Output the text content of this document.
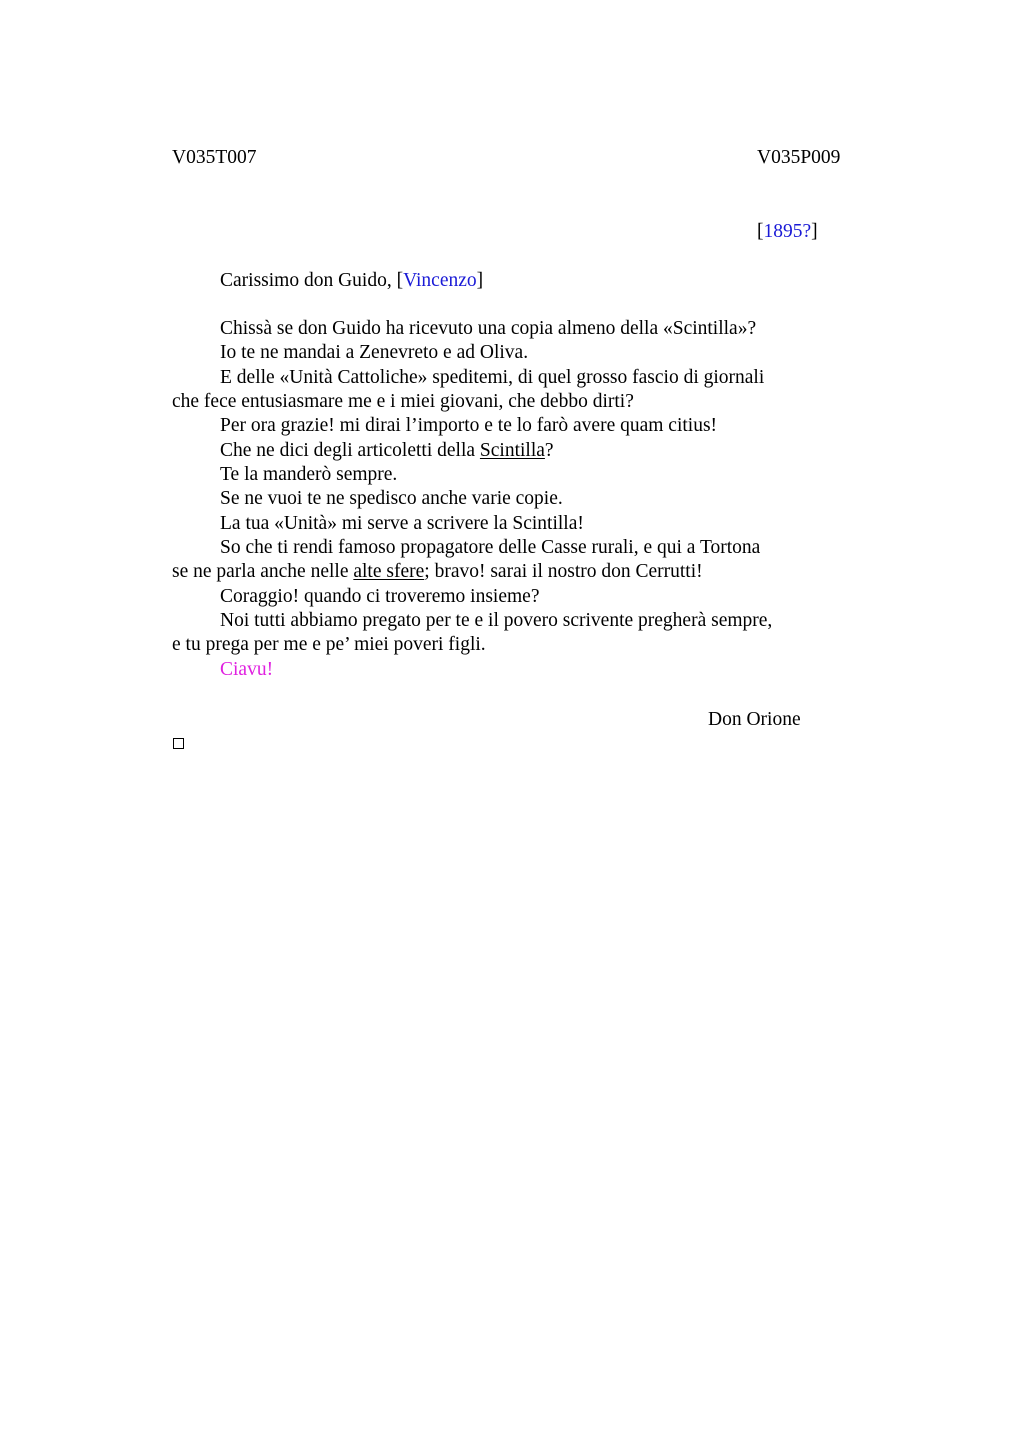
V035T007	V035P009
[1895?]
Carissimo don Guido, [Vincenzo]
Chissà se don Guido ha ricevuto una copia almeno della «Scintilla»?
Io te ne mandai a Zenevreto e ad Oliva.
E delle «Unità Cattoliche» speditemi, di quel grosso fascio di giornali
che fece entusiasmare me e i miei giovani, che debbo dirti?
Per ora grazie! mi dirai l’importo e te lo farò avere quam citius!
Che ne dici degli articoletti della Scintilla?
Te la manderò sempre.
Se ne vuoi te ne spedisco anche varie copie.
La tua «Unità» mi serve a scrivere la Scintilla!
So che ti rendi famoso propagatore delle Casse rurali, e qui a Tortona
se ne parla anche nelle alte sfere; bravo! sarai il nostro don Cerrutti!
Coraggio! quando ci troveremo insieme?
Noi tutti abbiamo pregato per te e il povero scrivente pregherà sempre,
e tu prega per me e pe’ miei poveri figli.
Ciavu!
Don Orione
